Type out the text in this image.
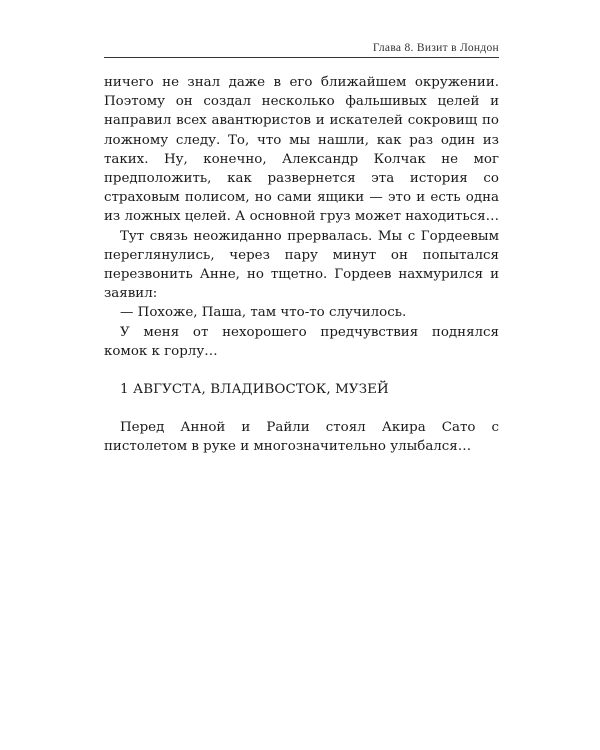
Глава 8. Визит в Лондон

ничего не знал даже в его ближайшем окружении. Поэтому он создал несколько фальшивых целей и направил всех авантюристов и искателей сокровищ по ложному следу. То, что мы нашли, как раз один из таких. Ну, конечно, Александр Колчак не мог предположить, как развернется эта история со страховым полисом, но сами ящики — это и есть одна из ложных целей. А основной груз может находиться…

Тут связь неожиданно прервалась. Мы с Гордеевым переглянулись, через пару минут он попытался перезвонить Анне, но тщетно. Гордеев нахмурился и заявил:

— Похоже, Паша, там что-то случилось.

У меня от нехорошего предчувствия поднялся комок к горлу…

1 АВГУСТА, ВЛАДИВОСТОК, МУЗЕЙ

Перед Анной и Райли стоял Акира Сато с пистолетом в руке и многозначительно улыбался…
